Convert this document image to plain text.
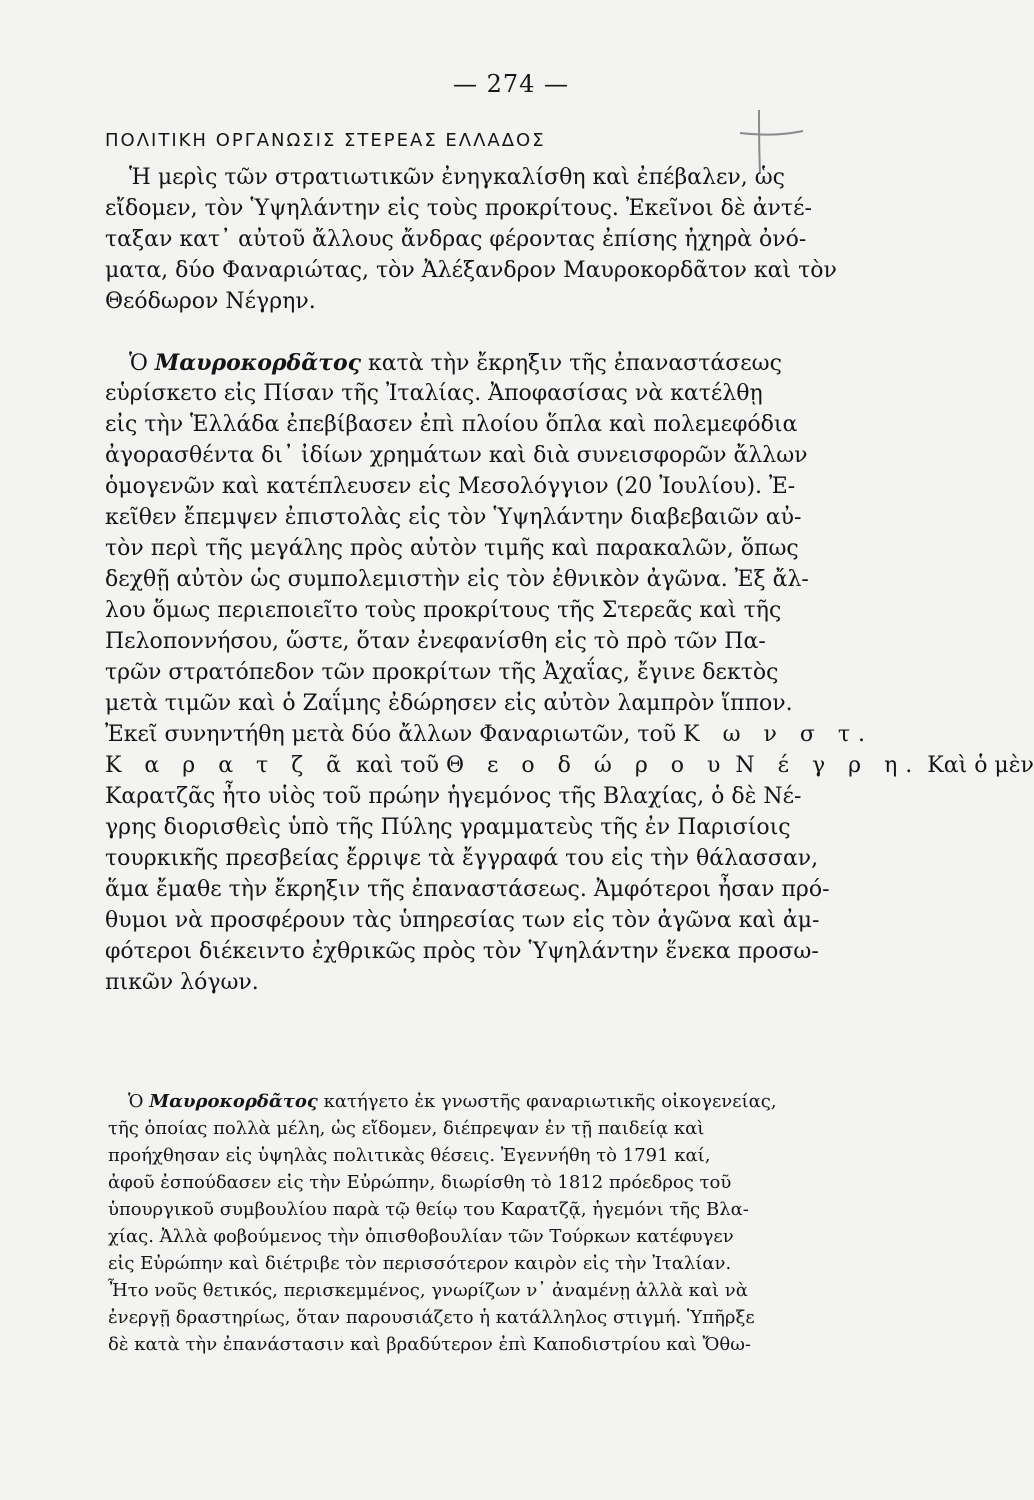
— 274 —
ΠΟΛΙΤΙΚΗ ΟΡΓΑΝΩΣΙΣ ΣΤΕΡΕΑΣ ΕΛΛΑΔΟΣ
Ἡ μερὶς τῶν στρατιωτικῶν ἐνηγκαλίσθη καὶ ἐπέβαλεν, ὡς
εἴδομεν, τὸν Ὑψηλάντην εἰς τοὺς προκρίτους. Ἐκεῖνοι δὲ ἀντέ-
ταξαν κατ᾽ αὐτοῦ ἄλλους ἄνδρας φέροντας ἐπίσης ἠχηρὰ ὀνό-
ματα, δύο Φαναριώτας, τὸν Ἀλέξανδρον Μαυροκορδᾶτον καὶ τὸν
Θεόδωρον Νέγρην.
Ὁ Μαυροκορδᾶτος κατὰ τὴν ἔκρηξιν τῆς ἐπαναστάσεως
εὑρίσκετο εἰς Πίσαν τῆς Ἰταλίας. Ἀποφασίσας νὰ κατέλθῃ
εἰς τὴν Ἑλλάδα ἐπεβίβασεν ἐπὶ πλοίου ὅπλα καὶ πολεμεφόδια
ἀγορασθέντα δι᾽ ἰδίων χρημάτων καὶ διὰ συνεισφορῶν ἄλλων
ὁμογενῶν καὶ κατέπλευσεν εἰς Μεσολόγγιον (20 Ἰουλίου). Ἐ-
κεῖθεν ἔπεμψεν ἐπιστολὰς εἰς τὸν Ὑψηλάντην διαβεβαιῶν αὐ-
τὸν περὶ τῆς μεγάλης πρὸς αὐτὸν τιμῆς καὶ παρακαλῶν, ὅπως
δεχθῇ αὐτὸν ὡς συμπολεμιστὴν εἰς τὸν ἐθνικὸν ἀγῶνα. Ἐξ ἄλ-
λου ὅμως περιεποιεῖτο τοὺς προκρίτους τῆς Στερεᾶς καὶ τῆς
Πελοποννήσου, ὥστε, ὅταν ἐνεφανίσθη εἰς τὸ πρὸ τῶν Πα-
τρῶν στρατόπεδον τῶν προκρίτων τῆς Ἀχαΐας, ἔγινε δεκτὸς
μετὰ τιμῶν καὶ ὁ Ζαΐμης ἐδώρησεν εἰς αὐτὸν λαμπρὸν ἵππον.
Ἐκεῖ συνηντήθη μετὰ δύο ἄλλων Φαναριωτῶν, τοῦ Κ ω ν σ τ.
Κ α ρ α τ ζ ᾶ καὶ τοῦ Θ ε ο δ ώ ρ ο υ Ν έ γ ρ η. Καὶ ὁ μὲν
Καρατζᾶς ἦτο υἱὸς τοῦ πρώην ἡγεμόνος τῆς Βλαχίας, ὁ δὲ Νέ-
γρης διορισθεὶς ὑπὸ τῆς Πύλης γραμματεὺς τῆς ἐν Παρισίοις
τουρκικῆς πρεσβείας ἔρριψε τὰ ἔγγραφά του εἰς τὴν θάλασσαν,
ἅμα ἔμαθε τὴν ἔκρηξιν τῆς ἐπαναστάσεως. Ἀμφότεροι ἦσαν πρό-
θυμοι νὰ προσφέρουν τὰς ὑπηρεσίας των εἰς τὸν ἀγῶνα καὶ ἀμ-
φότεροι διέκειντο ἐχθρικῶς πρὸς τὸν Ὑψηλάντην ἕνεκα προσω-
πικῶν λόγων.
Ὁ Μαυροκορδᾶτος κατήγετο ἐκ γνωστῆς φαναριωτικῆς οἰκογενείας,
τῆς ὁποίας πολλὰ μέλη, ὡς εἴδομεν, διέπρεψαν ἐν τῇ παιδείᾳ καὶ
προήχθησαν εἰς ὑψηλὰς πολιτικὰς θέσεις. Ἐγεννήθη τὸ 1791 καί,
ἀφοῦ ἐσπούδασεν εἰς τὴν Εὐρώπην, διωρίσθη τὸ 1812 πρόεδρος τοῦ
ὑπουργικοῦ συμβουλίου παρὰ τῷ θείῳ του Καρατζᾷ, ἡγεμόνι τῆς Βλα-
χίας. Ἀλλὰ φοβούμενος τὴν ὀπισθοβουλίαν τῶν Τούρκων κατέφυγεν
εἰς Εὐρώπην καὶ διέτριβε τὸν περισσότερον καιρὸν εἰς τὴν Ἰταλίαν.
Ἦτο νοῦς θετικός, περισκεμμένος, γνωρίζων ν᾽ ἀναμένῃ ἀλλὰ καὶ νὰ
ἐνεργῇ δραστηρίως, ὅταν παρουσιάζετο ἡ κατάλληλος στιγμή. Ὑπῆρξε
δὲ κατὰ τὴν ἐπανάστασιν καὶ βραδύτερον ἐπὶ Καποδιστρίου καὶ Ὄθω-
